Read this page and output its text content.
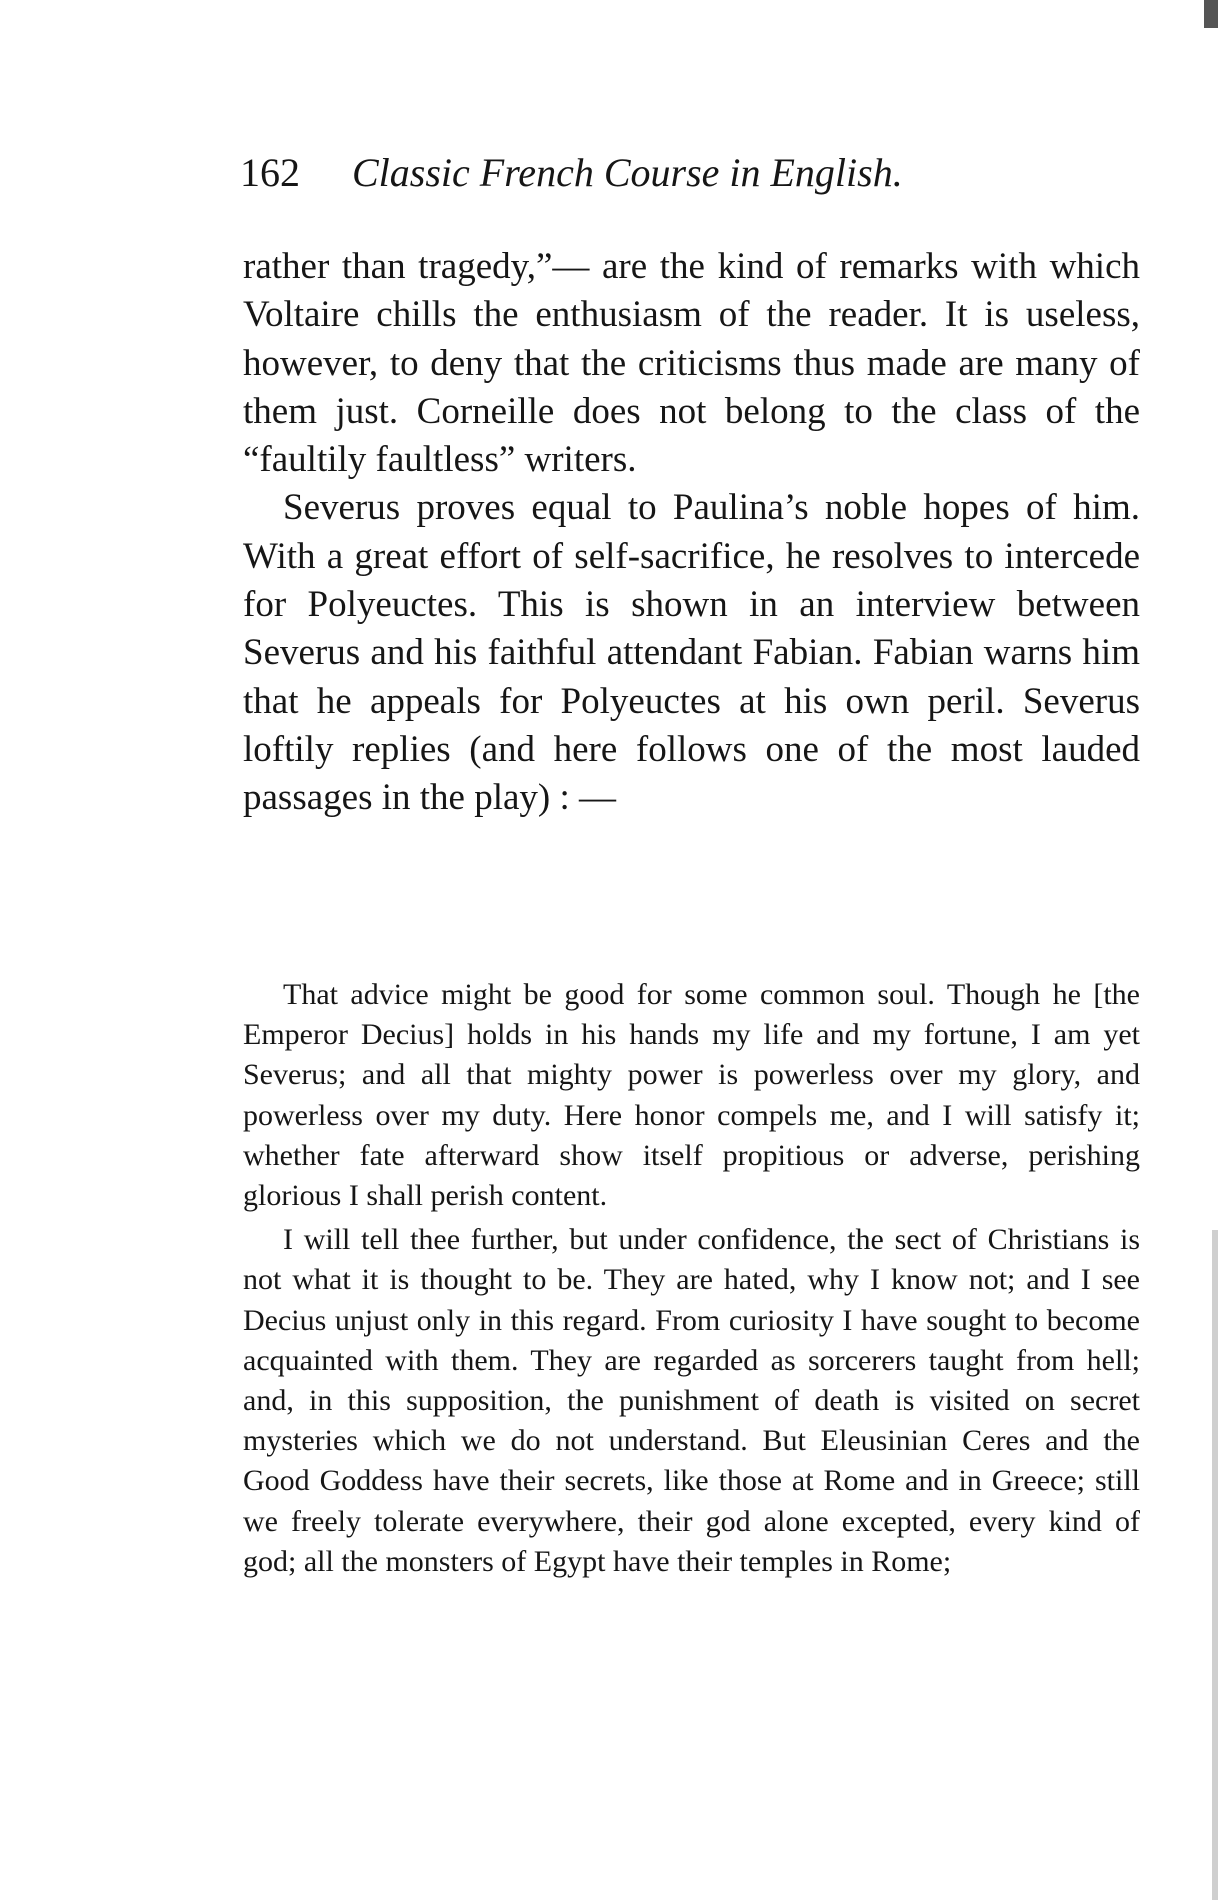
162 Classic French Course in English.

rather than tragedy,”— are the kind of remarks with which Voltaire chills the enthusiasm of the reader. It is useless, however, to deny that the criticisms thus made are many of them just. Corneille does not belong to the class of the “faultily faultless” writers.

Severus proves equal to Paulina’s noble hopes of him. With a great effort of self-sacrifice, he resolves to intercede for Polyeuctes. This is shown in an interview between Severus and his faithful attendant Fabian. Fabian warns him that he appeals for Polyeuctes at his own peril. Severus loftily replies (and here follows one of the most lauded passages in the play) : —

That advice might be good for some common soul. Though he [the Emperor Decius] holds in his hands my life and my fortune, I am yet Severus; and all that mighty power is powerless over my glory, and powerless over my duty. Here honor compels me, and I will satisfy it; whether fate afterward show itself propitious or adverse, perishing glorious I shall perish content.

I will tell thee further, but under confidence, the sect of Christians is not what it is thought to be. They are hated, why I know not; and I see Decius unjust only in this regard. From curiosity I have sought to become acquainted with them. They are regarded as sorcerers taught from hell; and, in this supposition, the punishment of death is visited on secret mysteries which we do not understand. But Eleusinian Ceres and the Good Goddess have their secrets, like those at Rome and in Greece; still we freely tolerate everywhere, their god alone excepted, every kind of god; all the monsters of Egypt have their temples in Rome;
